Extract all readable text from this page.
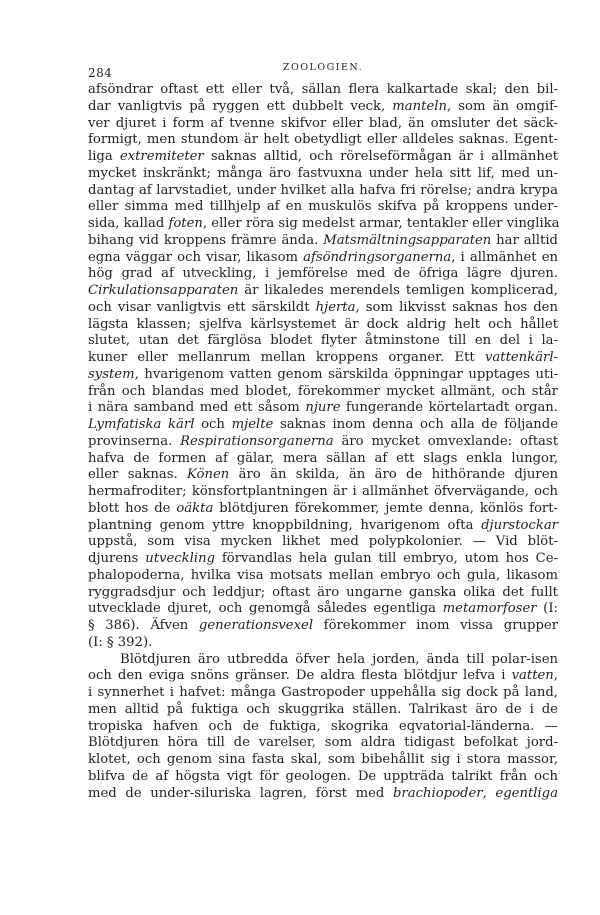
284	ZOOLOGIEN.
afsöndrar oftast ett eller två, sällan flera kalkartade skal; den bil-
dar vanligtvis på ryggen ett dubbelt veck, manteln, som än omgif-
ver djuret i form af tvenne skifvor eller blad, än omsluter det säck-
formigt, men stundom är helt obetydligt eller alldeles saknas. Egent-
liga extremiteter saknas alltid, och rörelseförmågan är i allmänhet
mycket inskränkt; många äro fastvuxna under hela sitt lif, med un-
dantag af larvstadiet, under hvilket alla hafva fri rörelse; andra krypa
eller simma med tillhjelp af en muskulös skifva på kroppens under-
sida, kallad foten, eller röra sig medelst armar, tentakler eller vinglika
bihang vid kroppens främre ända. Matsmältningsapparaten har alltid
egna väggar och visar, likasom afsöndringsorganerna, i allmänhet en
hög grad af utveckling, i jemförelse med de öfriga lägre djuren.
Cirkulationsapparaten är likaledes merendels temligen komplicerad,
och visar vanligtvis ett särskildt hjerta, som likvisst saknas hos den
lägsta klassen; sjelfva kärlsystemet är dock aldrig helt och hållet
slutet, utan det färglösa blodet flyter åtminstone till en del i la-
kuner eller mellanrum mellan kroppens organer. Ett vattenkärl-
system, hvarigenom vatten genom särskilda öppningar upptages uti-
från och blandas med blodet, förekommer mycket allmänt, och står
i nära samband med ett såsom njure fungerande körtelartadt organ.
Lymfatiska kärl och mjelte saknas inom denna och alla de följande
provinserna. Respirationsorganerna äro mycket omvexlande: oftast
hafva de formen af gälar, mera sällan af ett slags enkla lungor,
eller saknas. Könen äro än skilda, än äro de hithörande djuren
hermafroditer; könsfortplantningen är i allmänhet öfvervägande, och
blott hos de oäkta blötdjuren förekommer, jemte denna, könlös fort-
plantning genom yttre knoppbildning, hvarigenom ofta djurstockar
uppstå, som visa mycken likhet med polypkolonier. — Vid blöt-
djurens utveckling förvandlas hela gulan till embryo, utom hos Ce-
phalopoderna, hvilka visa motsats mellan embryo och gula, likasom
ryggradsdjur och leddjur; oftast äro ungarne ganska olika det fullt
utvecklade djuret, och genomgå således egentliga metamorfoser (I:
§ 386). Äfven generationsvexel förekommer inom vissa grupper
(I: § 392).
Blötdjuren äro utbredda öfver hela jorden, ända till polar-isen
och den eviga snöns gränser. De aldra flesta blötdjur lefva i vatten,
i synnerhet i hafvet: många Gastropoder uppehålla sig dock på land,
men alltid på fuktiga och skuggrika ställen. Talrikast äro de i de
tropiska hafven och de fuktiga, skogrika eqvatorial-länderna. —
Blötdjuren höra till de varelser, som aldra tidigast befolkat jord-
klotet, och genom sina fasta skal, som bibehållit sig i stora massor,
blifva de af högsta vigt för geologen. De uppträda talrikt från och
med de under-siluriska lagren, först med brachiopoder, egentliga
